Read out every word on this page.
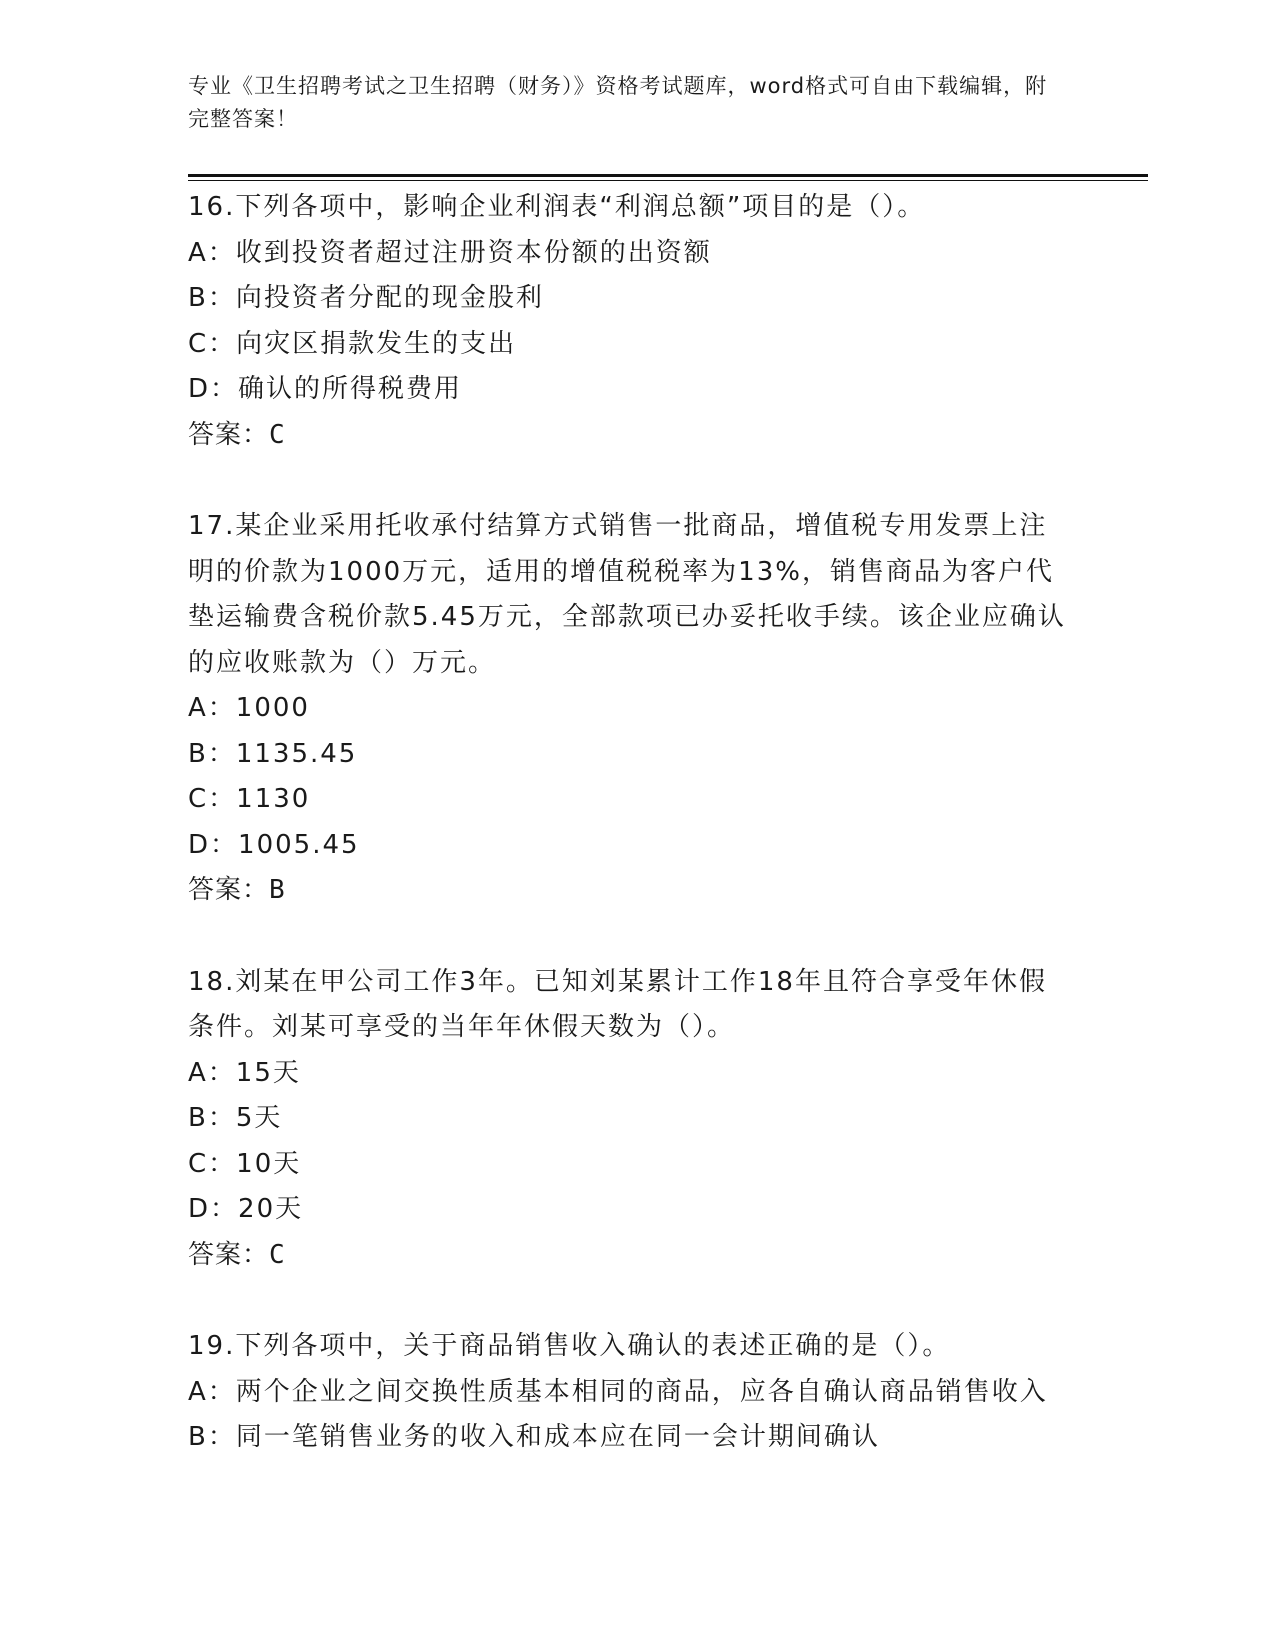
专业《卫生招聘考试之卫生招聘（财务）》资格考试题库，word格式可自由下载编辑，附完整答案！

16.下列各项中，影响企业利润表“利润总额”项目的是（）。
A：收到投资者超过注册资本份额的出资额
B：向投资者分配的现金股利
C：向灾区捐款发生的支出
D：确认的所得税费用
答案：C
17.某企业采用托收承付结算方式销售一批商品，增值税专用发票上注明的价款为1000万元，适用的增值税税率为13%，销售商品为客户代垫运输费含税价款5.45万元，全部款项已办妥托收手续。该企业应确认的应收账款为（）万元。
A：1000
B：1135.45
C：1130
D：1005.45
答案：B
18.刘某在甲公司工作3年。已知刘某累计工作18年且符合享受年休假条件。刘某可享受的当年年休假天数为（）。
A：15天
B：5天
C：10天
D：20天
答案：C
19.下列各项中，关于商品销售收入确认的表述正确的是（）。
A：两个企业之间交换性质基本相同的商品，应各自确认商品销售收入
B：同一笔销售业务的收入和成本应在同一会计期间确认
